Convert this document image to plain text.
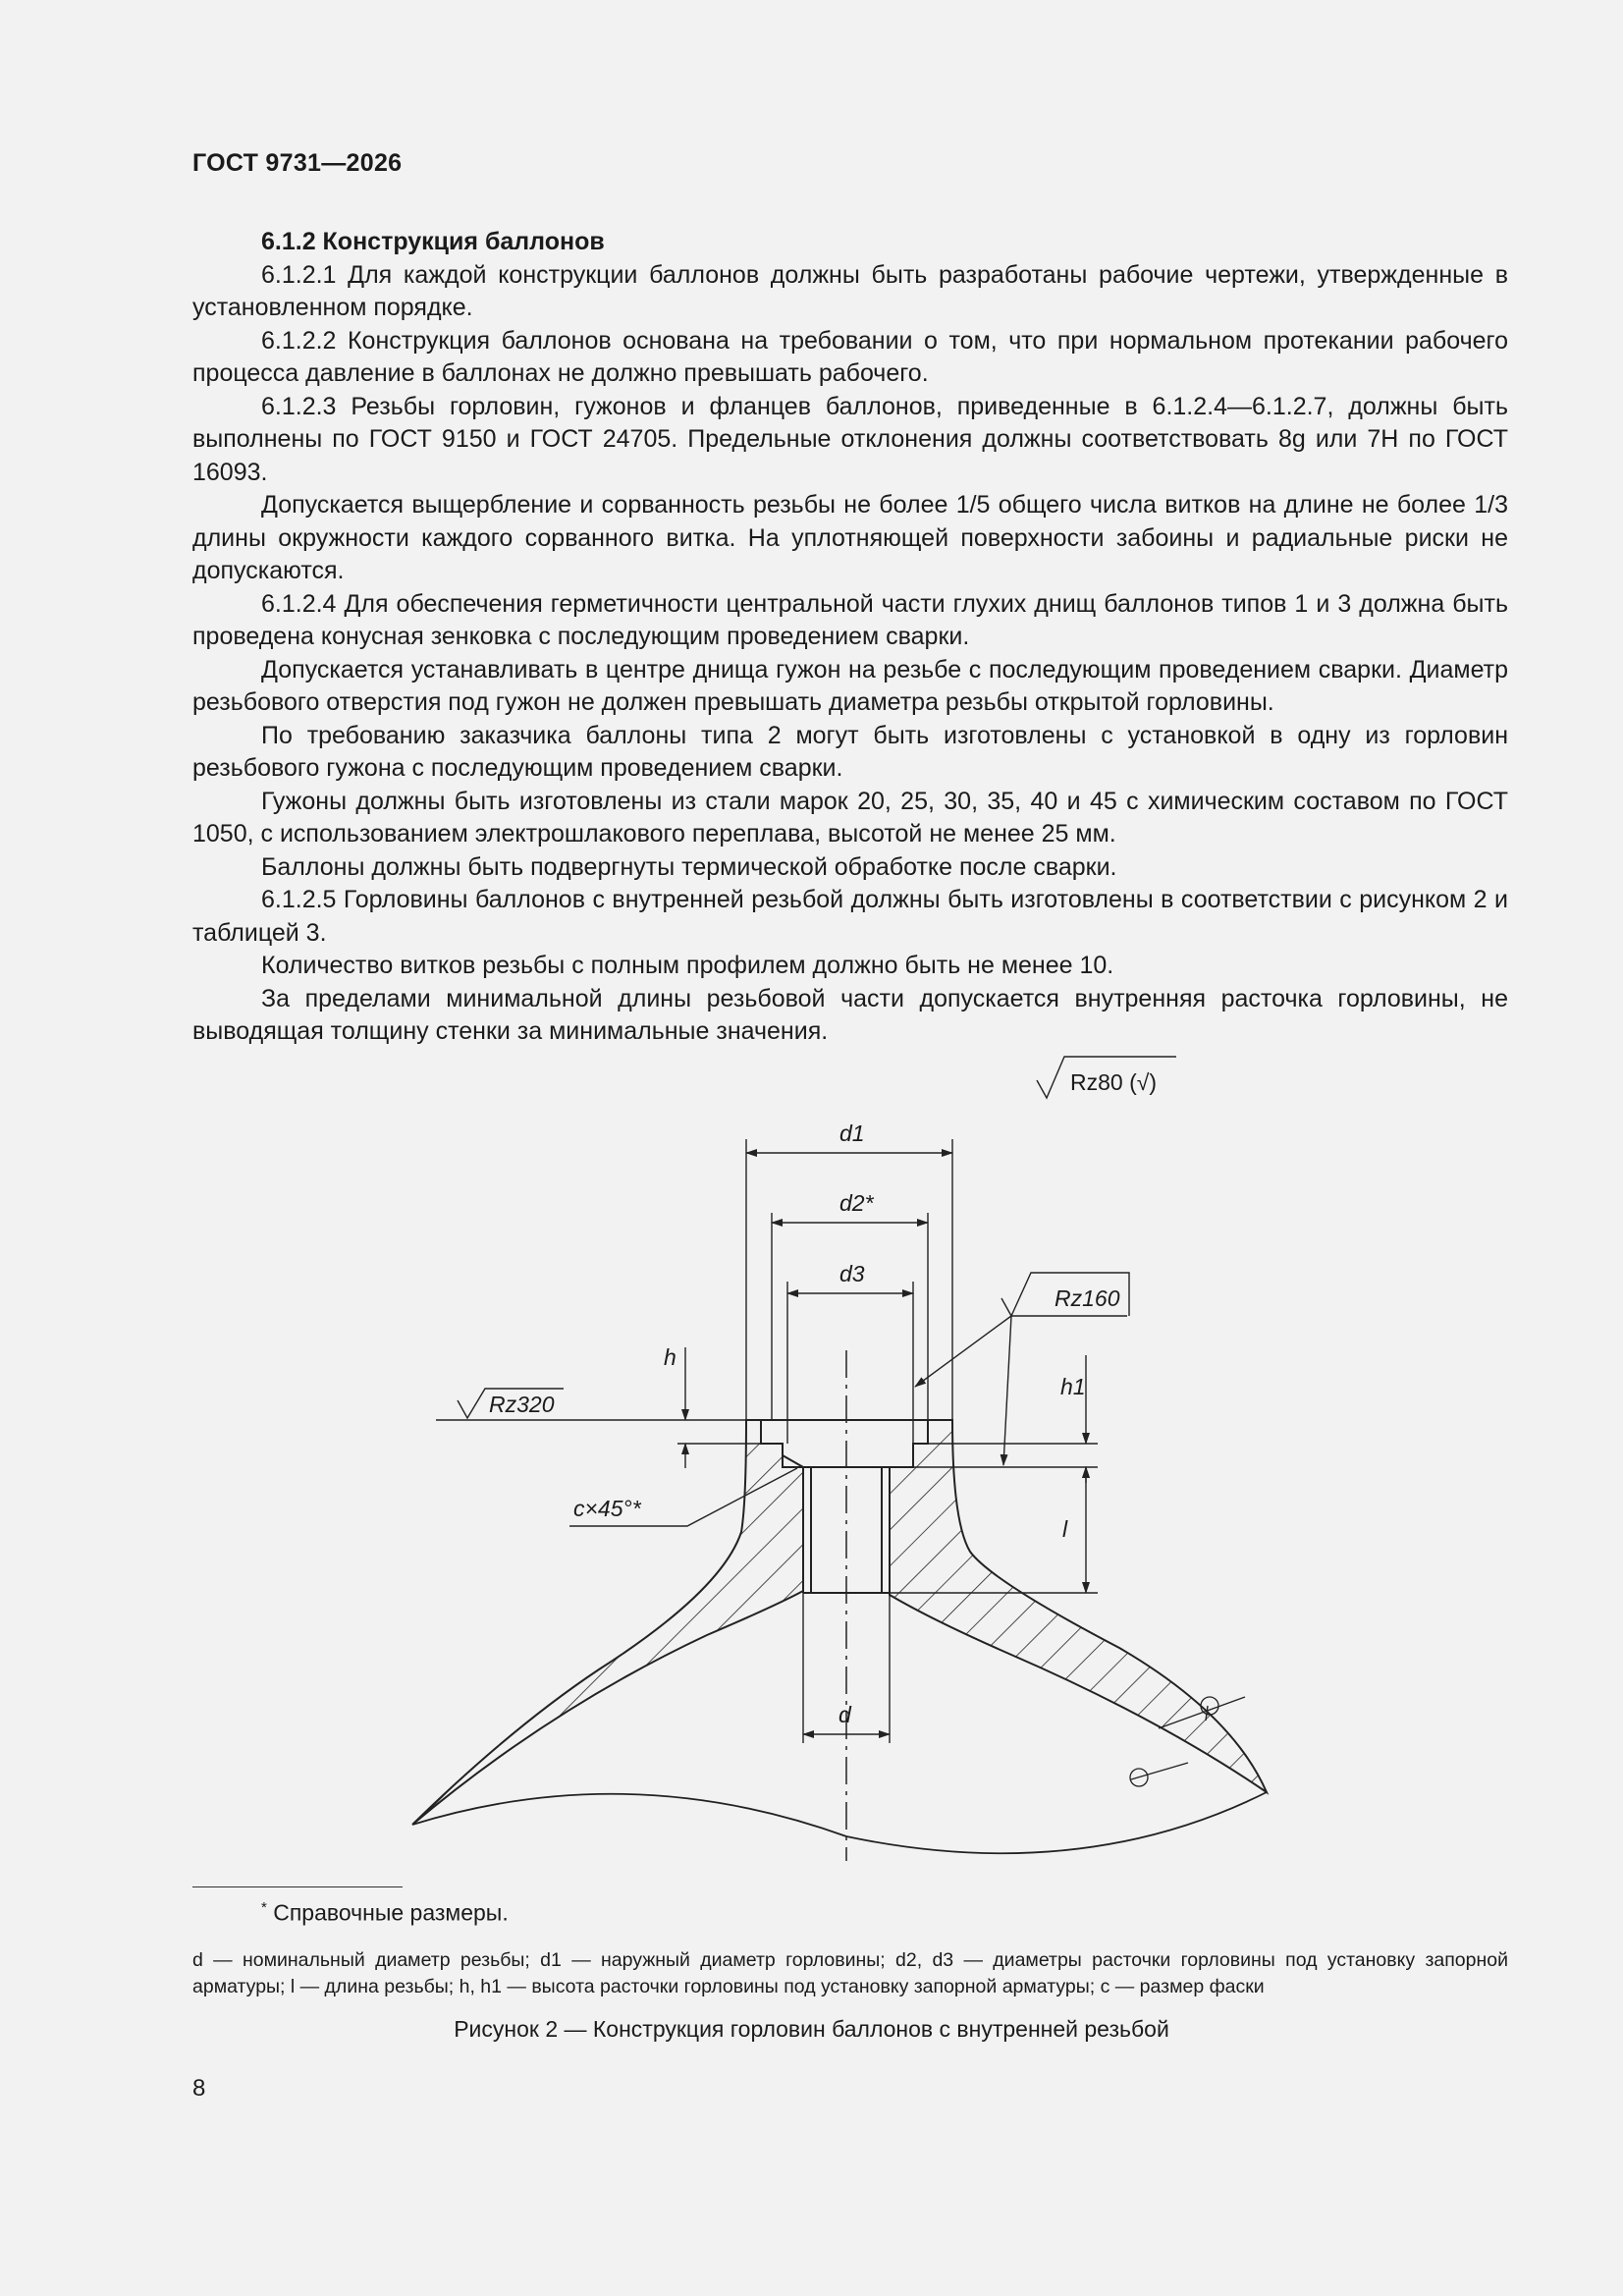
ГОСТ 9731—2026

6.1.2 Конструкция баллонов

6.1.2.1 Для каждой конструкции баллонов должны быть разработаны рабочие чертежи, утвержденные в установленном порядке.

6.1.2.2 Конструкция баллонов основана на требовании о том, что при нормальном протекании рабочего процесса давление в баллонах не должно превышать рабочего.

6.1.2.3 Резьбы горловин, гужонов и фланцев баллонов, приведенные в 6.1.2.4—6.1.2.7, должны быть выполнены по ГОСТ 9150 и ГОСТ 24705. Предельные отклонения должны соответствовать 8g или 7Н по ГОСТ 16093.

Допускается выщербление и сорванность резьбы не более 1/5 общего числа витков на длине не более 1/3 длины окружности каждого сорванного витка. На уплотняющей поверхности забоины и радиальные риски не допускаются.

6.1.2.4 Для обеспечения герметичности центральной части глухих днищ баллонов типов 1 и 3 должна быть проведена конусная зенковка с последующим проведением сварки.

Допускается устанавливать в центре днища гужон на резьбе с последующим проведением сварки. Диаметр резьбового отверстия под гужон не должен превышать диаметра резьбы открытой горловины.

По требованию заказчика баллоны типа 2 могут быть изготовлены с установкой в одну из горловин резьбового гужона с последующим проведением сварки.

Гужоны должны быть изготовлены из стали марок 20, 25, 30, 35, 40 и 45 с химическим составом по ГОСТ 1050, с использованием электрошлакового переплава, высотой не менее 25 мм.

Баллоны должны быть подвергнуты термической обработке после сварки.

6.1.2.5 Горловины баллонов с внутренней резьбой должны быть изготовлены в соответствии с рисунком 2 и таблицей 3.

Количество витков резьбы с полным профилем должно быть не менее 10.

За пределами минимальной длины резьбовой части допускается внутренняя расточка горловины, не выводящая толщину стенки за минимальные значения.

Rz80 (√)
d1
d2*
d3
Rz160
h
h1
Rz320
c×45°*
l
d
* Справочные размеры.
d — номинальный диаметр резьбы; d1 — наружный диаметр горловины; d2, d3 — диаметры расточки горловины под установку запорной арматуры; l — длина резьбы; h, h1 — высота расточки горловины под установку запорной арматуры; c — размер фаски
Рисунок 2 — Конструкция горловин баллонов с внутренней резьбой
8
